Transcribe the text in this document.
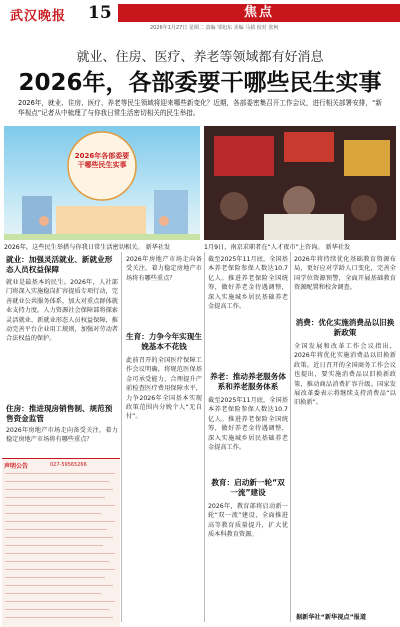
武汉晚报 15	焦点
2026年1月27日 星期二 责编 邹旭东 美编 马婧 校对 张柯
就业、住房、医疗、养老等领域都有好消息
2026年，各部委要干哪些民生实事
2026年，就业、住房、医疗、养老等民生领域将迎来哪些新变化？近期，各部委密集召开工作会议，进行相关部署安排，“新华视点”记者从中梳理了与你我日常生活密切相关的民生举措。
2026年各部委要干哪些民生实事
2026年，这些民生举措与你我日常生活密切相关。 新华社发	1月9日，南京求职者在“人才夜市”上咨询。 新华社发
就业：加强灵活就业、新就业形态人员权益保障
就业是最基本的民生。2026年，人社部门将深入实施稳岗扩容提质专项行动，完善就业公共服务体系，加大对重点群体就业支持力度。人力资源社会保障部将探索灵活就业、新就业形态人员权益保障，推动完善平台企业用工规则，加强对劳动者合法权益的保护。
住房：推进现房销售制、规范预售资金监管
2026年房地产市场走向备受关注，着力稳定房地产市场将有哪些重点？
声明公告	027-59565266
2026年房地产市场走向备受关注，着力稳定房地产市场将有哪些重点？
生育：力争今年实现生娩基本不花钱
此前召开的全国医疗保障工作会议明确，将规范医保基金可承受能力，合理提升产前检查医疗费用保障水平，力争2026年全国基本实现政策范围内分娩个人“无自付”。
截至2025年11月底，全国基本养老保险参保人数达10.7亿人。推进养老保险全国统筹，做好养老金待遇调整，深入实施城乡居民基础养老金提高工作。
养老：推动养老服务体系和养老服务体系
截至2025年11月底，全国基本养老保险参保人数达10.7亿人。推进养老保险全国统筹，做好养老金待遇调整，深入实施城乡居民基础养老金提高工作。
教育：启动新一轮“双一流”建设
2026年，教育部将启动新一轮“双一流”建设，全面推进高等教育质量提升，扩大优质本科教育资源。
2026年将持续优化基础教育资源布局，更好应对学龄人口变化，完善全国学位资源预警，全面开展基础教育资源配置和校舍调查。
消费：优化实施消费品以旧换新政策
全国发展和改革工作会议指出，2026年将优化实施消费品以旧换新政策。近日召开的全国商务工作会议也提出，要实施消费品以旧换新政策，推动商品消费扩容升级。国家发展改革委表示将继续支持消费品“以旧换新”。
据新华社“新华视点”报道
